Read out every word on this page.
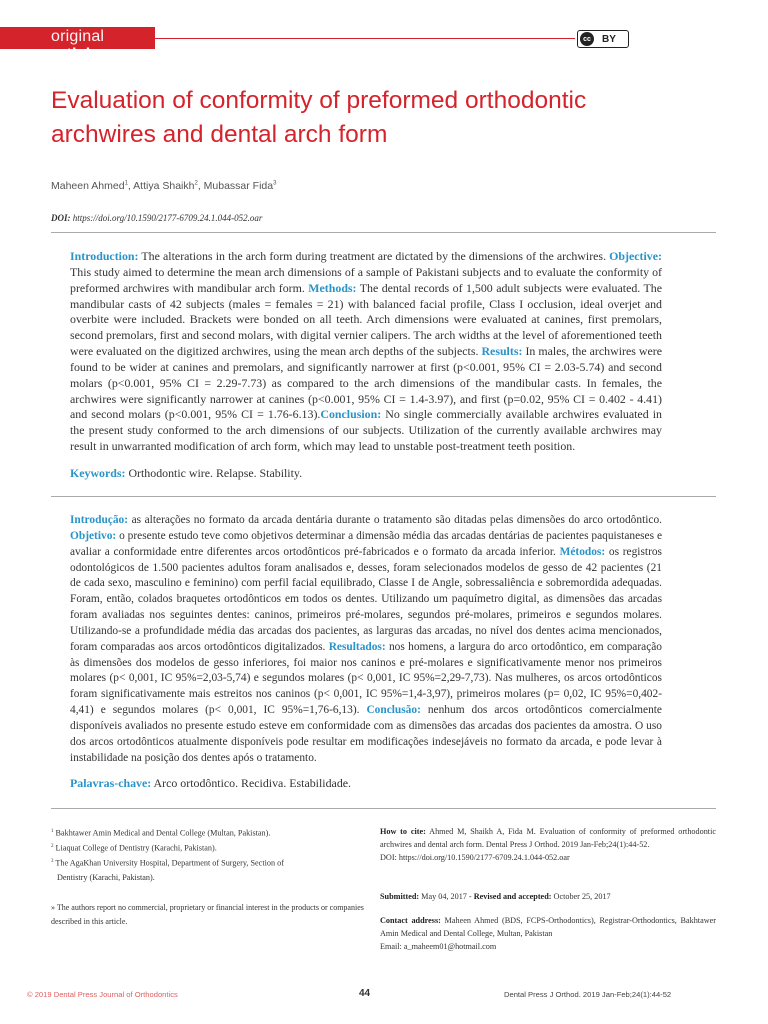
original article
cc BY
Evaluation of conformity of preformed orthodontic archwires and dental arch form
Maheen Ahmed$^1$, Attiya Shaikh$^2$, Mubassar Fida$^3$
DOI: https://doi.org/10.1590/2177-6709.24.1.044-052.oar
Introduction: The alterations in the arch form during treatment are dictated by the dimensions of the archwires. Objective: This study aimed to determine the mean arch dimensions of a sample of Pakistani subjects and to evaluate the conformity of preformed archwires with mandibular arch form. Methods: The dental records of 1,500 adult subjects were evaluated. The mandibular casts of 42 subjects (males = females = 21) with balanced facial profile, Class I occlusion, ideal overjet and overbite were included. Brackets were bonded on all teeth. Arch dimensions were evaluated at canines, first premolars, second premolars, first and second molars, with digital vernier calipers. The arch widths at the level of aforementioned teeth were evaluated on the digitized archwires, using the mean arch depths of the subjects. Results: In males, the archwires were found to be wider at canines and premolars, and significantly narrower at first (p<0.001, 95% CI = 2.03-5.74) and second molars (p<0.001, 95% CI = 2.29-7.73) as compared to the arch dimensions of the mandibular casts. In females, the archwires were significantly narrower at canines (p<0.001, 95% CI = 1.4-3.97), and first (p=0.02, 95% CI = 0.402 - 4.41) and second molars (p<0.001, 95% CI = 1.76-6.13).Conclusion: No single commercially available archwires evaluated in the present study conformed to the arch dimensions of our subjects. Utilization of the currently available archwires may result in unwarranted modification of arch form, which may lead to unstable post-treatment teeth position.
Keywords: Orthodontic wire. Relapse. Stability.
Introdução: as alterações no formato da arcada dentária durante o tratamento são ditadas pelas dimensões do arco ortodôntico. Objetivo: o presente estudo teve como objetivos determinar a dimensão média das arcadas dentárias de pacientes paquistaneses e avaliar a conformidade entre diferentes arcos ortodônticos pré-fabricados e o formato da arcada inferior. Métodos: os registros odontológicos de 1.500 pacientes adultos foram analisados e, desses, foram selecionados modelos de gesso de 42 pacientes (21 de cada sexo, masculino e feminino) com perfil facial equilibrado, Classe I de Angle, sobressaliência e sobremordida adequadas. Foram, então, colados braquetes ortodônticos em todos os dentes. Utilizando um paquímetro digital, as dimensões das arcadas foram avaliadas nos seguintes dentes: caninos, primeiros pré-molares, segundos pré-molares, primeiros e segundos molares. Utilizando-se a profundidade média das arcadas dos pacientes, as larguras das arcadas, no nível dos dentes acima mencionados, foram comparadas aos arcos ortodônticos digitalizados. Resultados: nos homens, a largura do arco ortodôntico, em comparação às dimensões dos modelos de gesso inferiores, foi maior nos caninos e pré-molares e significativamente menor nos primeiros molares (p< 0,001, IC 95%=2,03-5,74) e segundos molares (p< 0,001, IC 95%=2,29-7,73). Nas mulheres, os arcos ortodônticos foram significativamente mais estreitos nos caninos (p< 0,001, IC 95%=1,4-3,97), primeiros molares (p= 0,02, IC 95%=0,402-4,41) e segundos molares (p< 0,001, IC 95%=1,76-6,13). Conclusão: nenhum dos arcos ortodônticos comercialmente disponíveis avaliados no presente estudo esteve em conformidade com as dimensões das arcadas dos pacientes da amostra. O uso dos arcos ortodônticos atualmente disponíveis pode resultar em modificações indesejáveis no formato da arcada, e pode levar à instabilidade na posição dos dentes após o tratamento.
Palavras-chave: Arco ortodôntico. Recidiva. Estabilidade.
$^1$ Bakhtawer Amin Medical and Dental College (Multan, Pakistan).
$^2$ Liaquat College of Dentistry (Karachi, Pakistan).
$^3$ The AgaKhan University Hospital, Department of Surgery, Section of
Dentistry (Karachi, Pakistan).
» The authors report no commercial, proprietary or financial interest in the products or companies described in this article.
How to cite: Ahmed M, Shaikh A, Fida M. Evaluation of conformity of preformed orthodontic archwires and dental arch form. Dental Press J Orthod. 2019 Jan-Feb;24(1):44-52.
DOI: https://doi.org/10.1590/2177-6709.24.1.044-052.oar
Submitted: May 04, 2017 - Revised and accepted: October 25, 2017
Contact address: Maheen Ahmed (BDS, FCPS-Orthodontics), Registrar-Orthodontics, Bakhtawer Amin Medical and Dental College, Multan, Pakistan
Email: a_maheem01@hotmail.com
© 2019 Dental Press Journal of Orthodontics	44	Dental Press J Orthod. 2019 Jan-Feb;24(1):44-52
